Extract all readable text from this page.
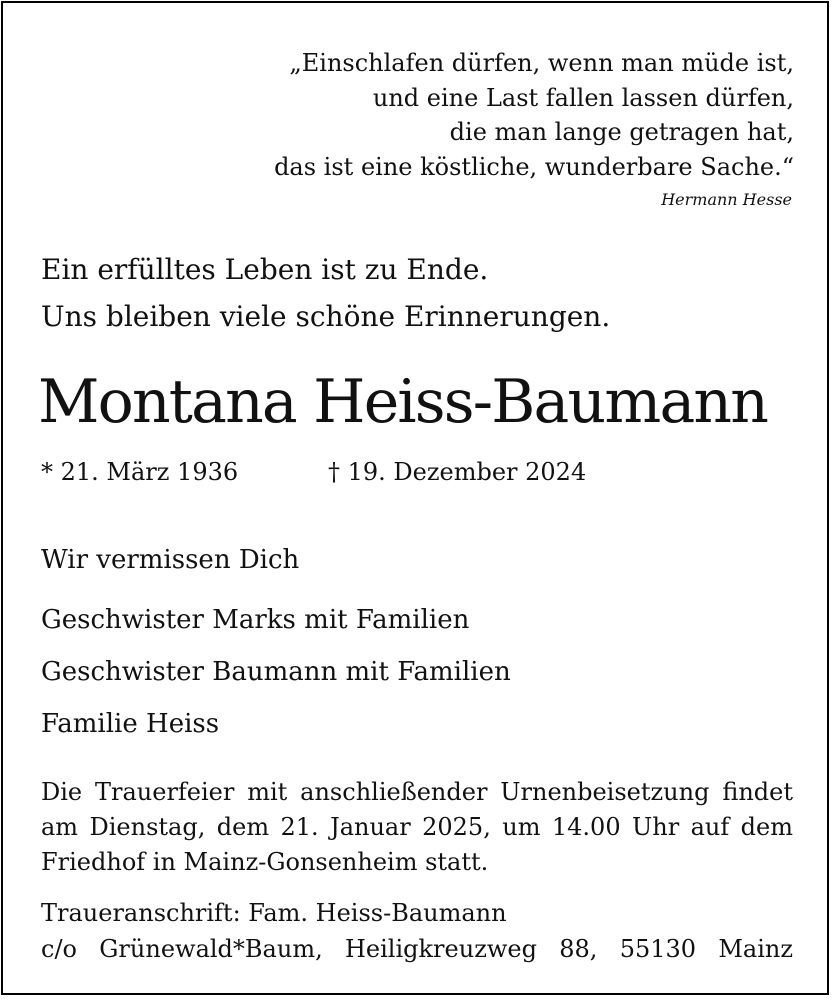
„Einschlafen dürfen, wenn man müde ist,
und eine Last fallen lassen dürfen,
die man lange getragen hat,
das ist eine köstliche, wunderbare Sache.“
Hermann Hesse
Ein erfülltes Leben ist zu Ende.
Uns bleiben viele schöne Erinnerungen.
Montana Heiss-Baumann
* 21. März 1936	† 19. Dezember 2024
Wir vermissen Dich
Geschwister Marks mit Familien
Geschwister Baumann mit Familien
Familie Heiss
Die Trauerfeier mit anschließender Urnenbeisetzung findet
am Dienstag, dem 21. Januar 2025, um 14.00 Uhr auf dem
Friedhof in Mainz-Gonsenheim statt.
Traueranschrift: Fam. Heiss-Baumann
c/o Grünewald*Baum, Heiligkreuzweg 88, 55130 Mainz
